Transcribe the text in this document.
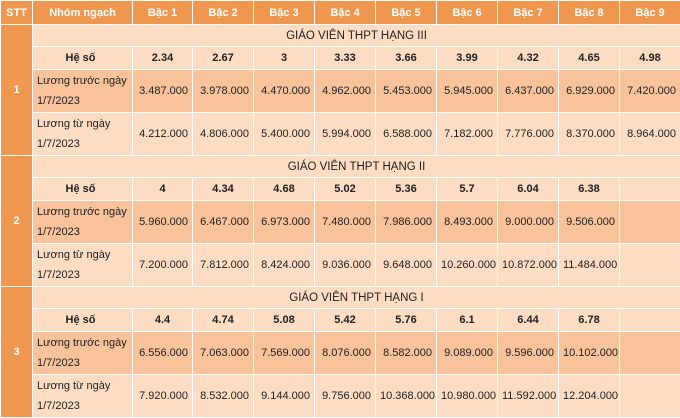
STT	Nhóm ngạch	Bậc 1	Bậc 2	Bậc 3	Bậc 4	Bậc 5	Bậc 6	Bậc 7	Bậc 8	Bậc 9
1	GIÁO VIÊN THPT HẠNG III									
	Hệ số	2.34	2.67	3	3.33	3.66	3.99	4.32	4.65	4.98
	Lương trước ngày 1/7/2023	3.487.000	3.978.000	4.470.000	4.962.000	5.453.000	5.945.000	6.437.000	6.929.000	7.420.000
	Lương từ ngày 1/7/2023	4.212.000	4.806.000	5.400.000	5.994.000	6.588.000	7.182.000	7.776.000	8.370.000	8.964.000
2	GIÁO VIÊN THPT HẠNG II									
	Hệ số	4	4.34	4.68	5.02	5.36	5.7	6.04	6.38	
	Lương trước ngày 1/7/2023	5.960.000	6.467.000	6.973.000	7.480.000	7.986.000	8.493.000	9.000.000	9.506.000	
	Lương từ ngày 1/7/2023	7.200.000	7.812.000	8.424.000	9.036.000	9.648.000	10.260.000	10.872.000	11.484.000	
3	GIÁO VIÊN THPT HẠNG I									
	Hệ số	4.4	4.74	5.08	5.42	5.76	6.1	6.44	6.78	
	Lương trước ngày 1/7/2023	6.556.000	7.063.000	7.569.000	8.076.000	8.582.000	9.089.000	9.596.000	10.102.000	
	Lương từ ngày 1/7/2023	7.920.000	8.532.000	9.144.000	9.756.000	10.368.000	10.980.000	11.592.000	12.204.000	
